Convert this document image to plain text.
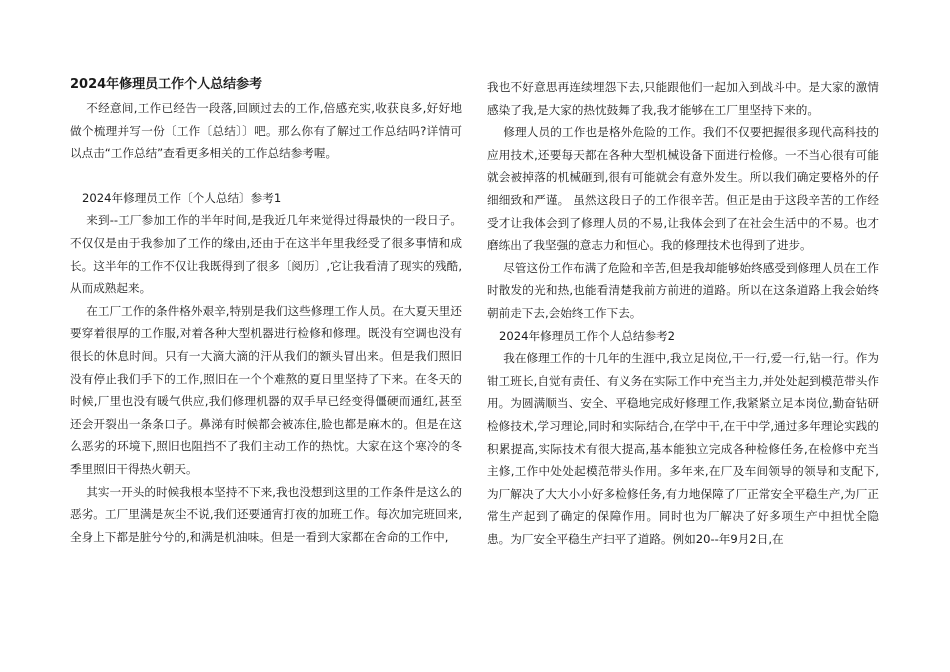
2024年修理员工作个人总结参考

不经意间,工作已经告一段落,回顾过去的工作,倍感充实,收获良多,好好地做个梳理并写一份〔工作〔总结〕〕吧。那么你有了解过工作总结吗?详情可以点击“工作总结”查看更多相关的工作总结参考喔。

2024年修理员工作〔个人总结〕参考1

来到--工厂参加工作的半年时间,是我近几年来觉得过得最快的一段日子。不仅仅是由于我参加了工作的缘由,还由于在这半年里我经受了很多事情和成长。这半年的工作不仅让我既得到了很多〔阅历〕,它让我看清了现实的残酷,从而成熟起来。

在工厂工作的条件格外艰辛,特别是我们这些修理工作人员。在大夏天里还要穿着很厚的工作服,对着各种大型机器进行检修和修理。既没有空调也没有很长的休息时间。只有一大滴大滴的汗从我们的额头冒出来。但是我们照旧没有停止我们手下的工作,照旧在一个个难熬的夏日里坚持了下来。在冬天的时候,厂里也没有暖气供应,我们修理机器的双手早已经变得僵硬而通红,甚至还会开裂出一条条口子。鼻涕有时候都会被冻住,脸也都是麻木的。但是在这么恶劣的环境下,照旧也阻挡不了我们主动工作的热忱。大家在这个寒冷的冬季里照旧干得热火朝天。

其实一开头的时候我根本坚持不下来,我也没想到这里的工作条件是这么的恶劣。工厂里满是灰尘不说,我们还要通宵打夜的加班工作。每次加完班回来,全身上下都是脏兮兮的,和满是机油味。但是一看到大家都在舍命的工作中,

我也不好意思再连续埋怨下去,只能跟他们一起加入到战斗中。是大家的激情感染了我,是大家的热忱鼓舞了我,我才能够在工厂里坚持下来的。

修理人员的工作也是格外危险的工作。我们不仅要把握很多现代高科技的应用技术,还要每天都在各种大型机械设备下面进行检修。一不当心很有可能就会被掉落的机械砸到,很有可能就会有意外发生。所以我们确定要格外的仔细细致和严谨。 虽然这段日子的工作很辛苦。但正是由于这段辛苦的工作经受才让我体会到了修理人员的不易,让我体会到了在社会生活中的不易。也才磨练出了我坚强的意志力和恒心。我的修理技术也得到了进步。

尽管这份工作布满了危险和辛苦,但是我却能够始终感受到修理人员在工作时散发的光和热,也能看清楚我前方前进的道路。所以在这条道路上我会始终朝前走下去,会始终工作下去。

2024年修理员工作个人总结参考2

我在修理工作的十几年的生涯中,我立足岗位,干一行,爱一行,钻一行。作为钳工班长,自觉有责任、有义务在实际工作中充当主力,并处处起到模范带头作用。为圆满顺当、安全、平稳地完成好修理工作,我紧紧立足本岗位,勤奋钻研检修技术,学习理论,同时和实际结合,在学中干,在干中学,通过多年理论实践的积累提高,实际技术有很大提高,基本能独立完成各种检修任务,在检修中充当主修,工作中处处起模范带头作用。多年来,在厂及车间领导的领导和支配下,为厂解决了大大小小好多检修任务,有力地保障了厂正常安全平稳生产,为厂正常生产起到了确定的保障作用。同时也为厂解决了好多项生产中担忧全隐患。为厂安全平稳生产扫平了道路。例如20--年9月2日,在
